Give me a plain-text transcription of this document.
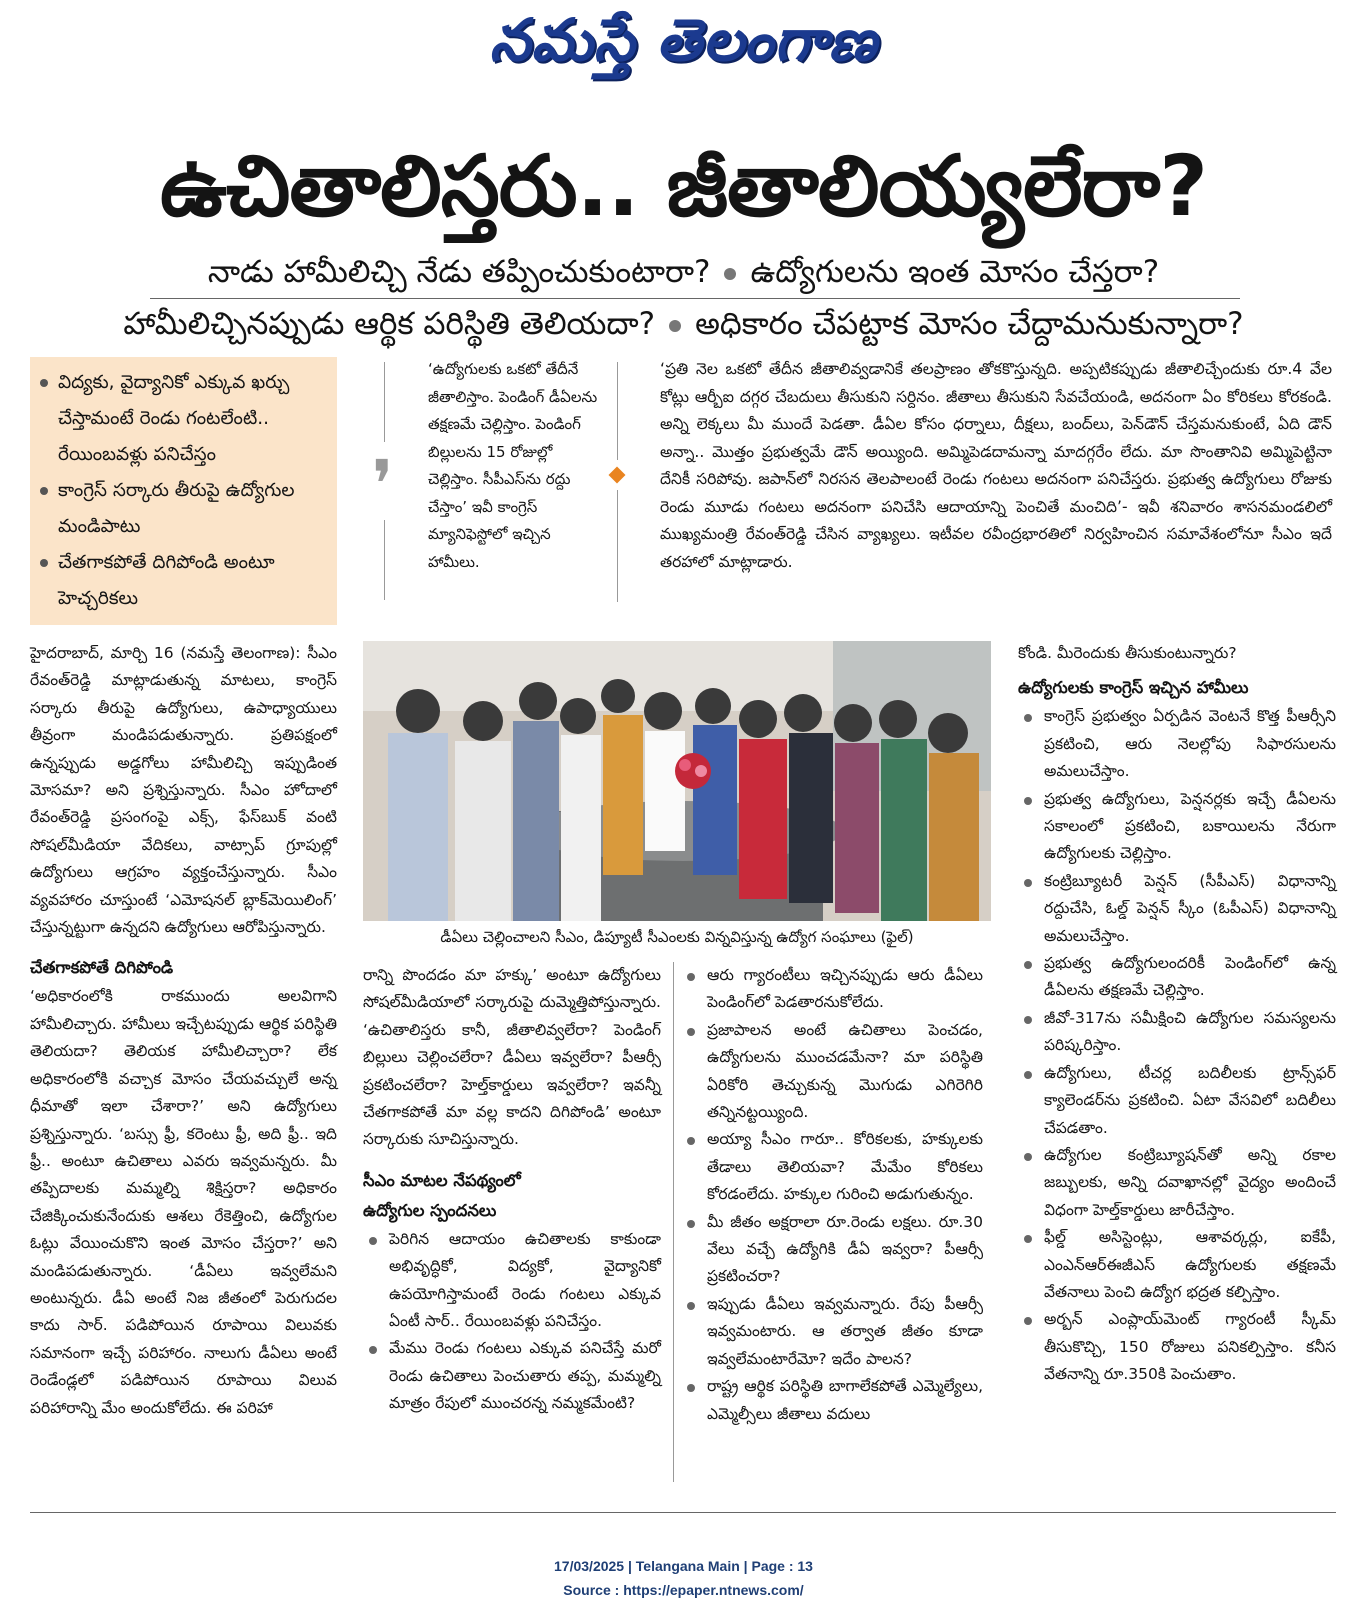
నమస్తే తెలంగాణ
ఉచితాలిస్తరు.. జీతాలియ్యలేరా?
నాడు హామీలిచ్చి నేడు తప్పించుకుంటారా? ఉద్యోగులను ఇంత మోసం చేస్తరా?
హామీలిచ్చినప్పుడు ఆర్థిక పరిస్థితి తెలియదా? అధికారం చేపట్టాక మోసం చేద్దామనుకున్నారా?
విద్యకు, వైద్యానికో ఎక్కువ ఖర్చు చేస్తామంటే రెండు గంటలేంటి.. రేయింబవళ్లు పనిచేస్తం
కాంగ్రెస్‌ సర్కారు తీరుపై ఉద్యోగుల మండిపాటు
చేతగాకపోతే దిగిపోండి అంటూ హెచ్చరికలు
❜
‘ఉద్యోగులకు ఒకటో తేదీనే జీతాలిస్తాం. పెండింగ్‌ డీఏలను తక్షణమే చెల్లిస్తాం. పెండింగ్‌ బిల్లులను 15 రోజుల్లో చెల్లిస్తాం. సీపీఎస్‌ను రద్దు చేస్తాం’ ఇవీ కాంగ్రెస్‌ మ్యానిఫెస్టోలో ఇచ్చిన హామీలు.
‘ప్రతి నెల ఒకటో తేదీన జీతాలివ్వడానికే తలప్రాణం తోకకొస్తున్నది. అప్పటికప్పుడు జీతాలిచ్చేందుకు రూ.4 వేల కోట్లు ఆర్బీఐ దగ్గర చేబదులు తీసుకుని సర్దినం. జీతాలు తీసుకుని సేవచేయండి, అదనంగా ఏం కోరికలు కోరకండి. అన్ని లెక్కలు మీ ముందే పెడతా. డీఏల కోసం ధర్నాలు, దీక్షలు, బంద్‌లు, పెన్‌డౌన్‌ చేస్తమనుకుంటే, ఏది డౌన్‌ అన్నా.. మొత్తం ప్రభుత్వమే డౌన్‌ అయ్యింది. అమ్మిపెడదామన్నా మాదగ్గరేం లేదు. మా సొంతానివి అమ్మిపెట్టినా దేనికీ సరిపోవు. జపాన్‌లో నిరసన తెలపాలంటే రెండు గంటలు అదనంగా పనిచేస్తరు. ప్రభుత్వ ఉద్యోగులు రోజుకు రెండు మూడు గంటలు అదనంగా పనిచేసి ఆదాయాన్ని పెంచితే మంచిది’- ఇవీ శనివారం శాసనమండలిలో ముఖ్యమంత్రి రేవంత్‌రెడ్డి చేసిన వ్యాఖ్యలు. ఇటీవల రవీంద్రభారతిలో నిర్వహించిన సమావేశంలోనూ సీఎం ఇదే తరహాలో మాట్లాడారు.

హైదరాబాద్‌, మార్చి 16 (నమస్తే తెలంగాణ): సీఎం రేవంత్‌రెడ్డి మాట్లాడుతున్న మాటలు, కాంగ్రెస్‌ సర్కారు తీరుపై ఉద్యోగులు, ఉపాధ్యాయులు తీవ్రంగా మండిపడుతున్నారు. ప్రతిపక్షంలో ఉన్నప్పుడు అడ్డగోలు హామీలిచ్చి ఇప్పుడింత మోసమా? అని ప్రశ్నిస్తున్నారు. సీఎం హోదాలో రేవంత్‌రెడ్డి ప్రసంగంపై ఎక్స్‌, ఫేస్‌బుక్‌ వంటి సోషల్‌మీడియా వేదికలు, వాట్సాప్‌ గ్రూపుల్లో ఉద్యోగులు ఆగ్రహం వ్యక్తంచేస్తున్నారు. సీఎం వ్యవహారం చూస్తుంటే ‘ఎమోషనల్‌ బ్లాక్‌మెయిలింగ్‌’ చేస్తున్నట్టుగా ఉన్నదని ఉద్యోగులు ఆరోపిస్తున్నారు.

చేతగాకపోతే దిగిపోండి

‘అధికారంలోకి రాకముందు అలవిగాని హామీలిచ్చారు. హామీలు ఇచ్చేటప్పుడు ఆర్థిక పరిస్థితి తెలియదా? తెలియక హామీలిచ్చారా? లేక అధికారంలోకి వచ్చాక మోసం చేయవచ్చులే అన్న ధీమాతో ఇలా చేశారా?’ అని ఉద్యోగులు ప్రశ్నిస్తున్నారు. ‘బస్సు ఫ్రీ, కరెంటు ఫ్రీ, అది ఫ్రీ.. ఇది ఫ్రీ.. అంటూ ఉచితాలు ఎవరు ఇవ్వమన్నరు. మీ తప్పిదాలకు మమ్మల్ని శిక్షిస్తరా? అధికారం చేజిక్కించుకునేందుకు ఆశలు రేకెత్తించి, ఉద్యోగుల ఓట్లు వేయించుకొని ఇంత మోసం చేస్తరా?’ అని మండిపడుతున్నారు. ‘డీఏలు ఇవ్వలేమని అంటున్నరు. డీఏ అంటే నిజ జీతంలో పెరుగుదల కాదు సార్‌. పడిపోయిన రూపాయి విలువకు సమానంగా ఇచ్చే పరిహారం. నాలుగు డీఏలు అంటే రెండేండ్లలో పడిపోయిన రూపాయి విలువ పరిహారాన్ని మేం అందుకోలేదు. ఈ పరిహా

డీఏలు చెల్లించాలని సీఎం, డిప్యూటీ సీఎంలకు విన్నవిస్తున్న ఉద్యోగ సంఘాలు (ఫైల్‌)

రాన్ని పొందడం మా హక్కు’ అంటూ ఉద్యోగులు సోషల్‌మీడియాలో సర్కారుపై దుమ్మెత్తిపోస్తున్నారు. ‘ఉచితాలిస్తరు కానీ, జీతాలివ్వలేరా? పెండింగ్‌ బిల్లులు చెల్లించలేరా? డీఏలు ఇవ్వలేరా? పీఆర్సీ ప్రకటించలేరా? హెల్త్‌కార్డులు ఇవ్వలేరా? ఇవన్నీ చేతగాకపోతే మా వల్ల కాదని దిగిపోండి’ అంటూ సర్కారుకు సూచిస్తున్నారు.

సీఎం మాటల నేపథ్యంలో

ఉద్యోగుల స్పందనలు

పెరిగిన ఆదాయం ఉచితాలకు కాకుండా అభివృద్ధికో, విద్యకో, వైద్యానికో ఉపయోగిస్తామంటే రెండు గంటలు ఎక్కువ ఏంటీ సార్‌.. రేయింబవళ్లు పనిచేస్తం.

మేము రెండు గంటలు ఎక్కువ పనిచేస్తే మరో రెండు ఉచితాలు పెంచుతారు తప్ప, మమ్మల్ని మాత్రం రేపులో ముంచరన్న నమ్మకమేంటి?

ఆరు గ్యారంటీలు ఇచ్చినప్పుడు ఆరు డీఏలు పెండింగ్‌లో పెడతారనుకోలేదు.

ప్రజాపాలన అంటే ఉచితాలు పెంచడం, ఉద్యోగులను ముంచడమేనా? మా పరిస్థితి ఏరికోరి తెచ్చుకున్న మొగుడు ఎగిరెగిరి తన్నినట్టయ్యింది.

అయ్యా సీఎం గారూ.. కోరికలకు, హక్కులకు తేడాలు తెలియవా? మేమేం కోరికలు కోరడంలేదు. హక్కుల గురించి అడుగుతున్నం.

మీ జీతం అక్షరాలా రూ.రెండు లక్షలు. రూ.30 వేలు వచ్చే ఉద్యోగికి డీఏ ఇవ్వరా? పీఆర్సీ ప్రకటించరా?

ఇప్పుడు డీఏలు ఇవ్వమన్నారు. రేపు పీఆర్సీ ఇవ్వమంటారు. ఆ తర్వాత జీతం కూడా ఇవ్వలేమంటారేమో? ఇదేం పాలన?

రాష్ట్ర ఆర్థిక పరిస్థితి బాగాలేకపోతే ఎమ్మెల్యేలు, ఎమ్మెల్సీలు జీతాలు వదులు

కోండి. మీరెందుకు తీసుకుంటున్నారు?

ఉద్యోగులకు కాంగ్రెస్‌ ఇచ్చిన హామీలు

కాంగ్రెస్‌ ప్రభుత్వం ఏర్పడిన వెంటనే కొత్త పీఆర్సీని ప్రకటించి, ఆరు నెలల్లోపు సిఫారసులను అమలుచేస్తాం.

ప్రభుత్వ ఉద్యోగులు, పెన్షనర్లకు ఇచ్చే డీఏలను సకాలంలో ప్రకటించి, బకాయిలను నేరుగా ఉద్యోగులకు చెల్లిస్తాం.

కంట్రిబ్యూటరీ పెన్షన్‌ (సీపీఎస్‌) విధానాన్ని రద్దుచేసి, ఓల్డ్‌ పెన్షన్‌ స్కీం (ఓపీఎస్‌) విధానాన్ని అమలుచేస్తాం.

ప్రభుత్వ ఉద్యోగులందరికీ పెండింగ్‌లో ఉన్న డీఏలను తక్షణమే చెల్లిస్తాం.

జీవో-317ను సమీక్షించి ఉద్యోగుల సమస్యలను పరిష్కరిస్తాం.

ఉద్యోగులు, టీచర్ల బదిలీలకు ట్రాన్స్‌ఫర్‌ క్యాలెండర్‌ను ప్రకటించి. ఏటా వేసవిలో బదిలీలు చేపడతాం.

ఉద్యోగుల కంట్రిబ్యూషన్‌తో అన్ని రకాల జబ్బులకు, అన్ని దవాఖానల్లో వైద్యం అందించే విధంగా హెల్త్‌కార్డులు జారీచేస్తాం.

ఫీల్డ్‌ అసిస్టెంట్లు, ఆశావర్కర్లు, ఐకేపీ, ఎంఎన్‌ఆర్‌ఈజీఎస్‌ ఉద్యోగులకు తక్షణమే వేతనాలు పెంచి ఉద్యోగ భద్రత కల్పిస్తాం.

అర్బన్‌ ఎంప్లాయ్‌మెంట్‌ గ్యారంటీ స్కీమ్‌ తీసుకొచ్చి, 150 రోజులు పనికల్పిస్తాం. కనీస వేతనాన్ని రూ.350కి పెంచుతాం.

17/03/2025 | Telangana Main | Page : 13
Source : https://epaper.ntnews.com/
